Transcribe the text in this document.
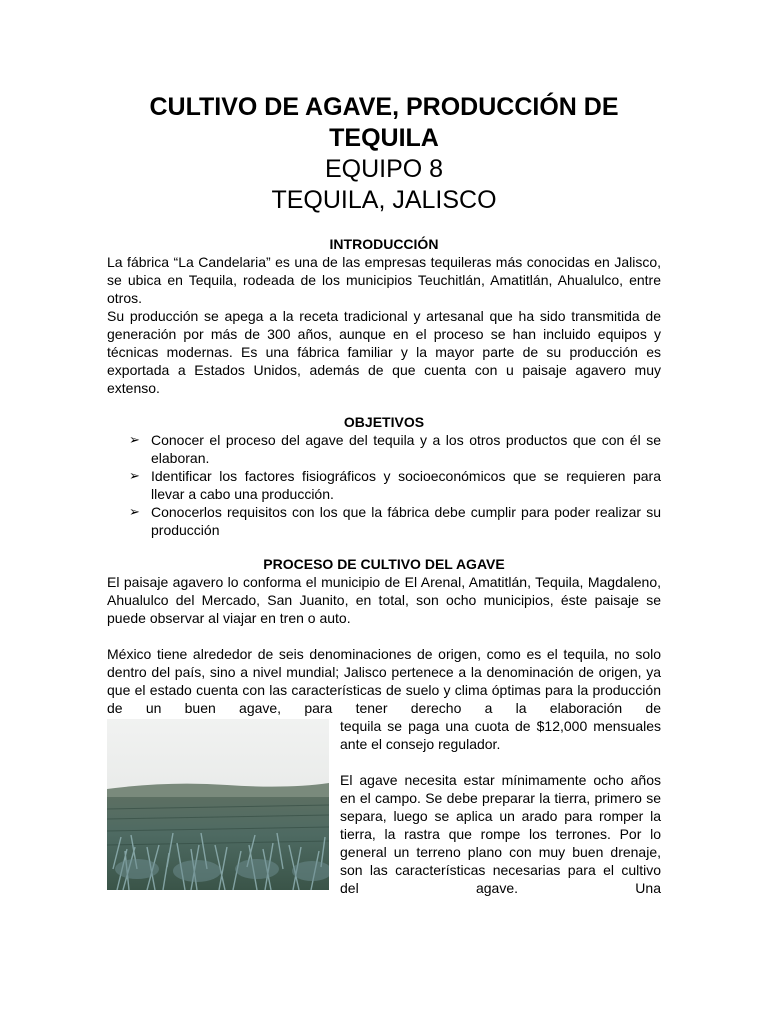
CULTIVO DE AGAVE, PRODUCCIÓN DE TEQUILA

EQUIPO 8

TEQUILA, JALISCO

INTRODUCCIÓN

La fábrica “La Candelaria” es una de las empresas tequileras más conocidas en Jalisco, se ubica en Tequila, rodeada de los municipios Teuchitlán, Amatitlán, Ahualulco, entre otros.

Su producción se apega a la receta tradicional y artesanal que ha sido transmitida de generación por más de 300 años, aunque en el proceso se han incluido equipos y técnicas modernas. Es una fábrica familiar y la mayor parte de su producción es exportada a Estados Unidos, además de que cuenta con u paisaje agavero muy extenso.

OBJETIVOS
➢ Conocer el proceso del agave del tequila y a los otros productos que con él se elaboran.
➢ Identificar los factores fisiográficos y socioeconómicos que se requieren para llevar a cabo una producción.
➢ Conocerlos requisitos con los que la fábrica debe cumplir para poder realizar su producción
PROCESO DE CULTIVO DEL AGAVE

El paisaje agavero lo conforma el municipio de El Arenal, Amatitlán, Tequila, Magdaleno, Ahualulco del Mercado, San Juanito, en total, son ocho municipios, éste paisaje se puede observar al viajar en tren o auto.

México tiene alrededor de seis denominaciones de origen, como es el tequila, no solo dentro del país, sino a nivel mundial; Jalisco pertenece a la denominación de origen, ya que el estado cuenta con las características de suelo y clima óptimas para la producción de un buen agave, para tener derecho a la elaboración de

tequila se paga una cuota de $12,000 mensuales ante el consejo regulador.

El agave necesita estar mínimamente ocho años en el campo. Se debe preparar la tierra, primero se separa, luego se aplica un arado para romper la tierra, la rastra que rompe los terrones. Por lo general un terreno plano con muy buen drenaje, son las características necesarias para el cultivo del agave. Una
